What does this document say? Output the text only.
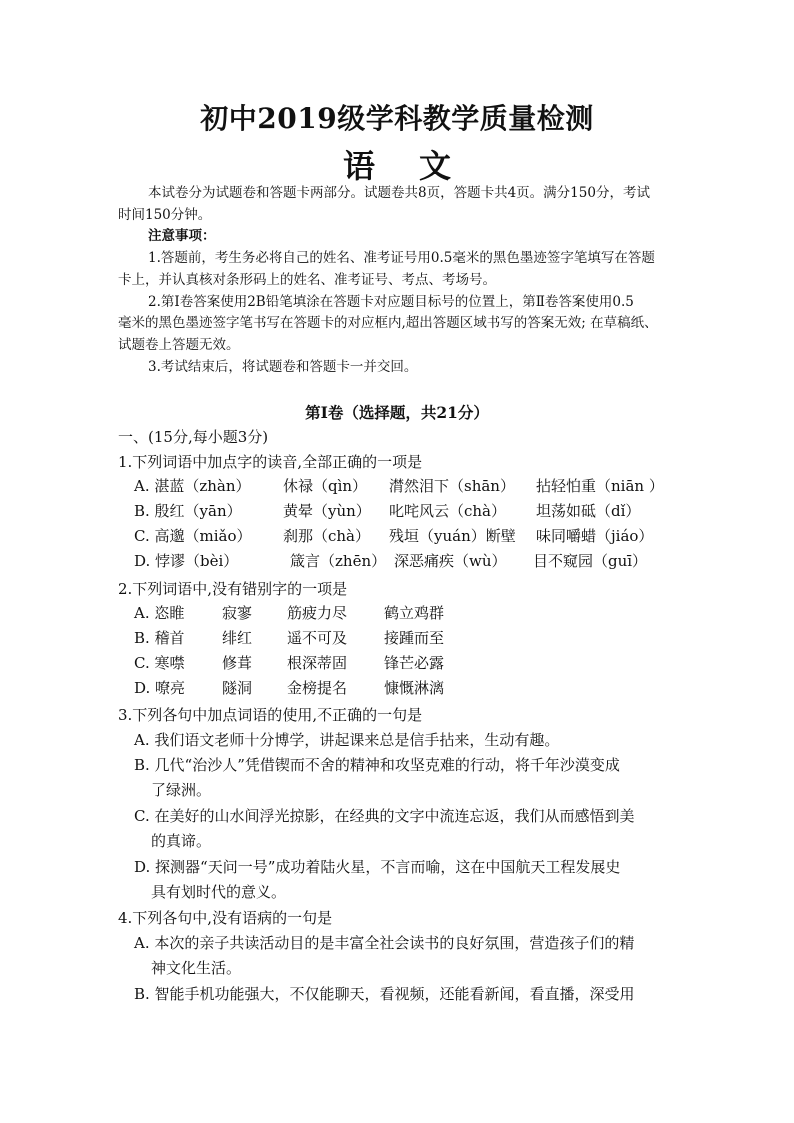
初中2019级学科教学质量检测
语文
本试卷分为试题卷和答题卡两部分。试题卷共8页，答题卡共4页。满分150分，考试
时间150分钟。
注意事项：
1.答题前，考生务必将自己的姓名、准考证号用0.5毫米的黑色墨迹签字笔填写在答题
卡上，并认真核对条形码上的姓名、准考证号、考点、考场号。
2.第Ⅰ卷答案使用2B铅笔填涂在答题卡对应题目标号的位置上，第Ⅱ卷答案使用0.5
毫米的黑色墨迹签字笔书写在答题卡的对应框内,超出答题区域书写的答案无效; 在草稿纸、
试题卷上答题无效。
3.考试结束后，将试题卷和答题卡一并交回。
第Ⅰ卷（选择题，共21分）
一、(15分,每小题3分)
1.下列词语中加点字的读音,全部正确的一项是
A. 湛蓝（zhàn） 休禄（qìn） 潸然泪下（shān） 拈轻怕重（niān ）
B. 殷红（yān）	黄晕（yùn） 叱咤风云（chà） 坦荡如砥（dǐ）
C. 高邈（miǎo） 刹那（chà） 残垣（yuán）断壁 味同嚼蜡（jiáo）
D. 悖谬（bèi）	箴言（zhēn） 深恶痛疾（wù） 目不窥园（guī）
2.下列词语中,没有错别字的一项是
A. 恣睢	寂寥 筋疲力尽 鹤立鸡群
B. 稽首 绯红 遥不可及 接踵而至
C. 寒噤	修葺 根深蒂固 锋芒必露
D. 嘹亮 隧洞 金榜提名 慷慨淋漓
3.下列各句中加点词语的使用,不正确的一句是
A. 我们语文老师十分博学，讲起课来总是信手拈来，生动有趣。
B. 几代“治沙人”凭借锲而不舍的精神和攻坚克难的行动，将千年沙漠变成
了绿洲。
C. 在美好的山水间浮光掠影，在经典的文字中流连忘返，我们从而感悟到美
的真谛。
D. 探测器“天问一号”成功着陆火星，不言而喻，这在中国航天工程发展史
具有划时代的意义。
4.下列各句中,没有语病的一句是
A. 本次的亲子共读活动目的是丰富全社会读书的良好氛围，营造孩子们的精
神文化生活。
B. 智能手机功能强大，不仅能聊天，看视频，还能看新闻，看直播，深受用
